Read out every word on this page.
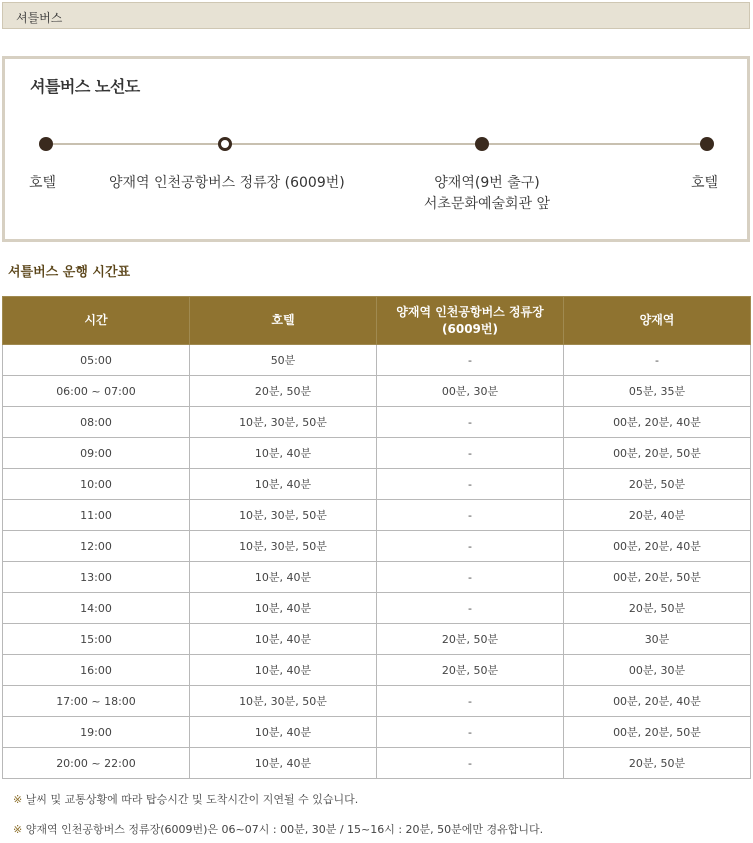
셔틀버스
셔틀버스 노선도
호텔	양재역 인천공항버스 정류장 (6009번)	양재역(9번 출구)
서초문화예술회관 앞
호텔
셔틀버스 운행 시간표
시간	호텔	양재역 인천공항버스 정류장 (6009번)	양재역
05:00	50분	-	-
06:00 ~ 07:00	20분, 50분	00분, 30분	05분, 35분
08:00	10분, 30분, 50분	-	00분, 20분, 40분
09:00	10분, 40분	-	00분, 20분, 50분
10:00	10분, 40분	-	20분, 50분
11:00	10분, 30분, 50분	-	20분, 40분
12:00	10분, 30분, 50분	-	00분, 20분, 40분
13:00	10분, 40분	-	00분, 20분, 50분
14:00	10분, 40분	-	20분, 50분
15:00	10분, 40분	20분, 50분	30분
16:00	10분, 40분	20분, 50분	00분, 30분
17:00 ~ 18:00	10분, 30분, 50분	-	00분, 20분, 40분
19:00	10분, 40분	-	00분, 20분, 50분
20:00 ~ 22:00	10분, 40분	-	20분, 50분
※ 날씨 및 교통상황에 따라 탑승시간 및 도착시간이 지연될 수 있습니다.
※ 양재역 인천공항버스 정류장(6009번)은 06~07시 : 00분, 30분 / 15~16시 : 20분, 50분에만 경유합니다.
